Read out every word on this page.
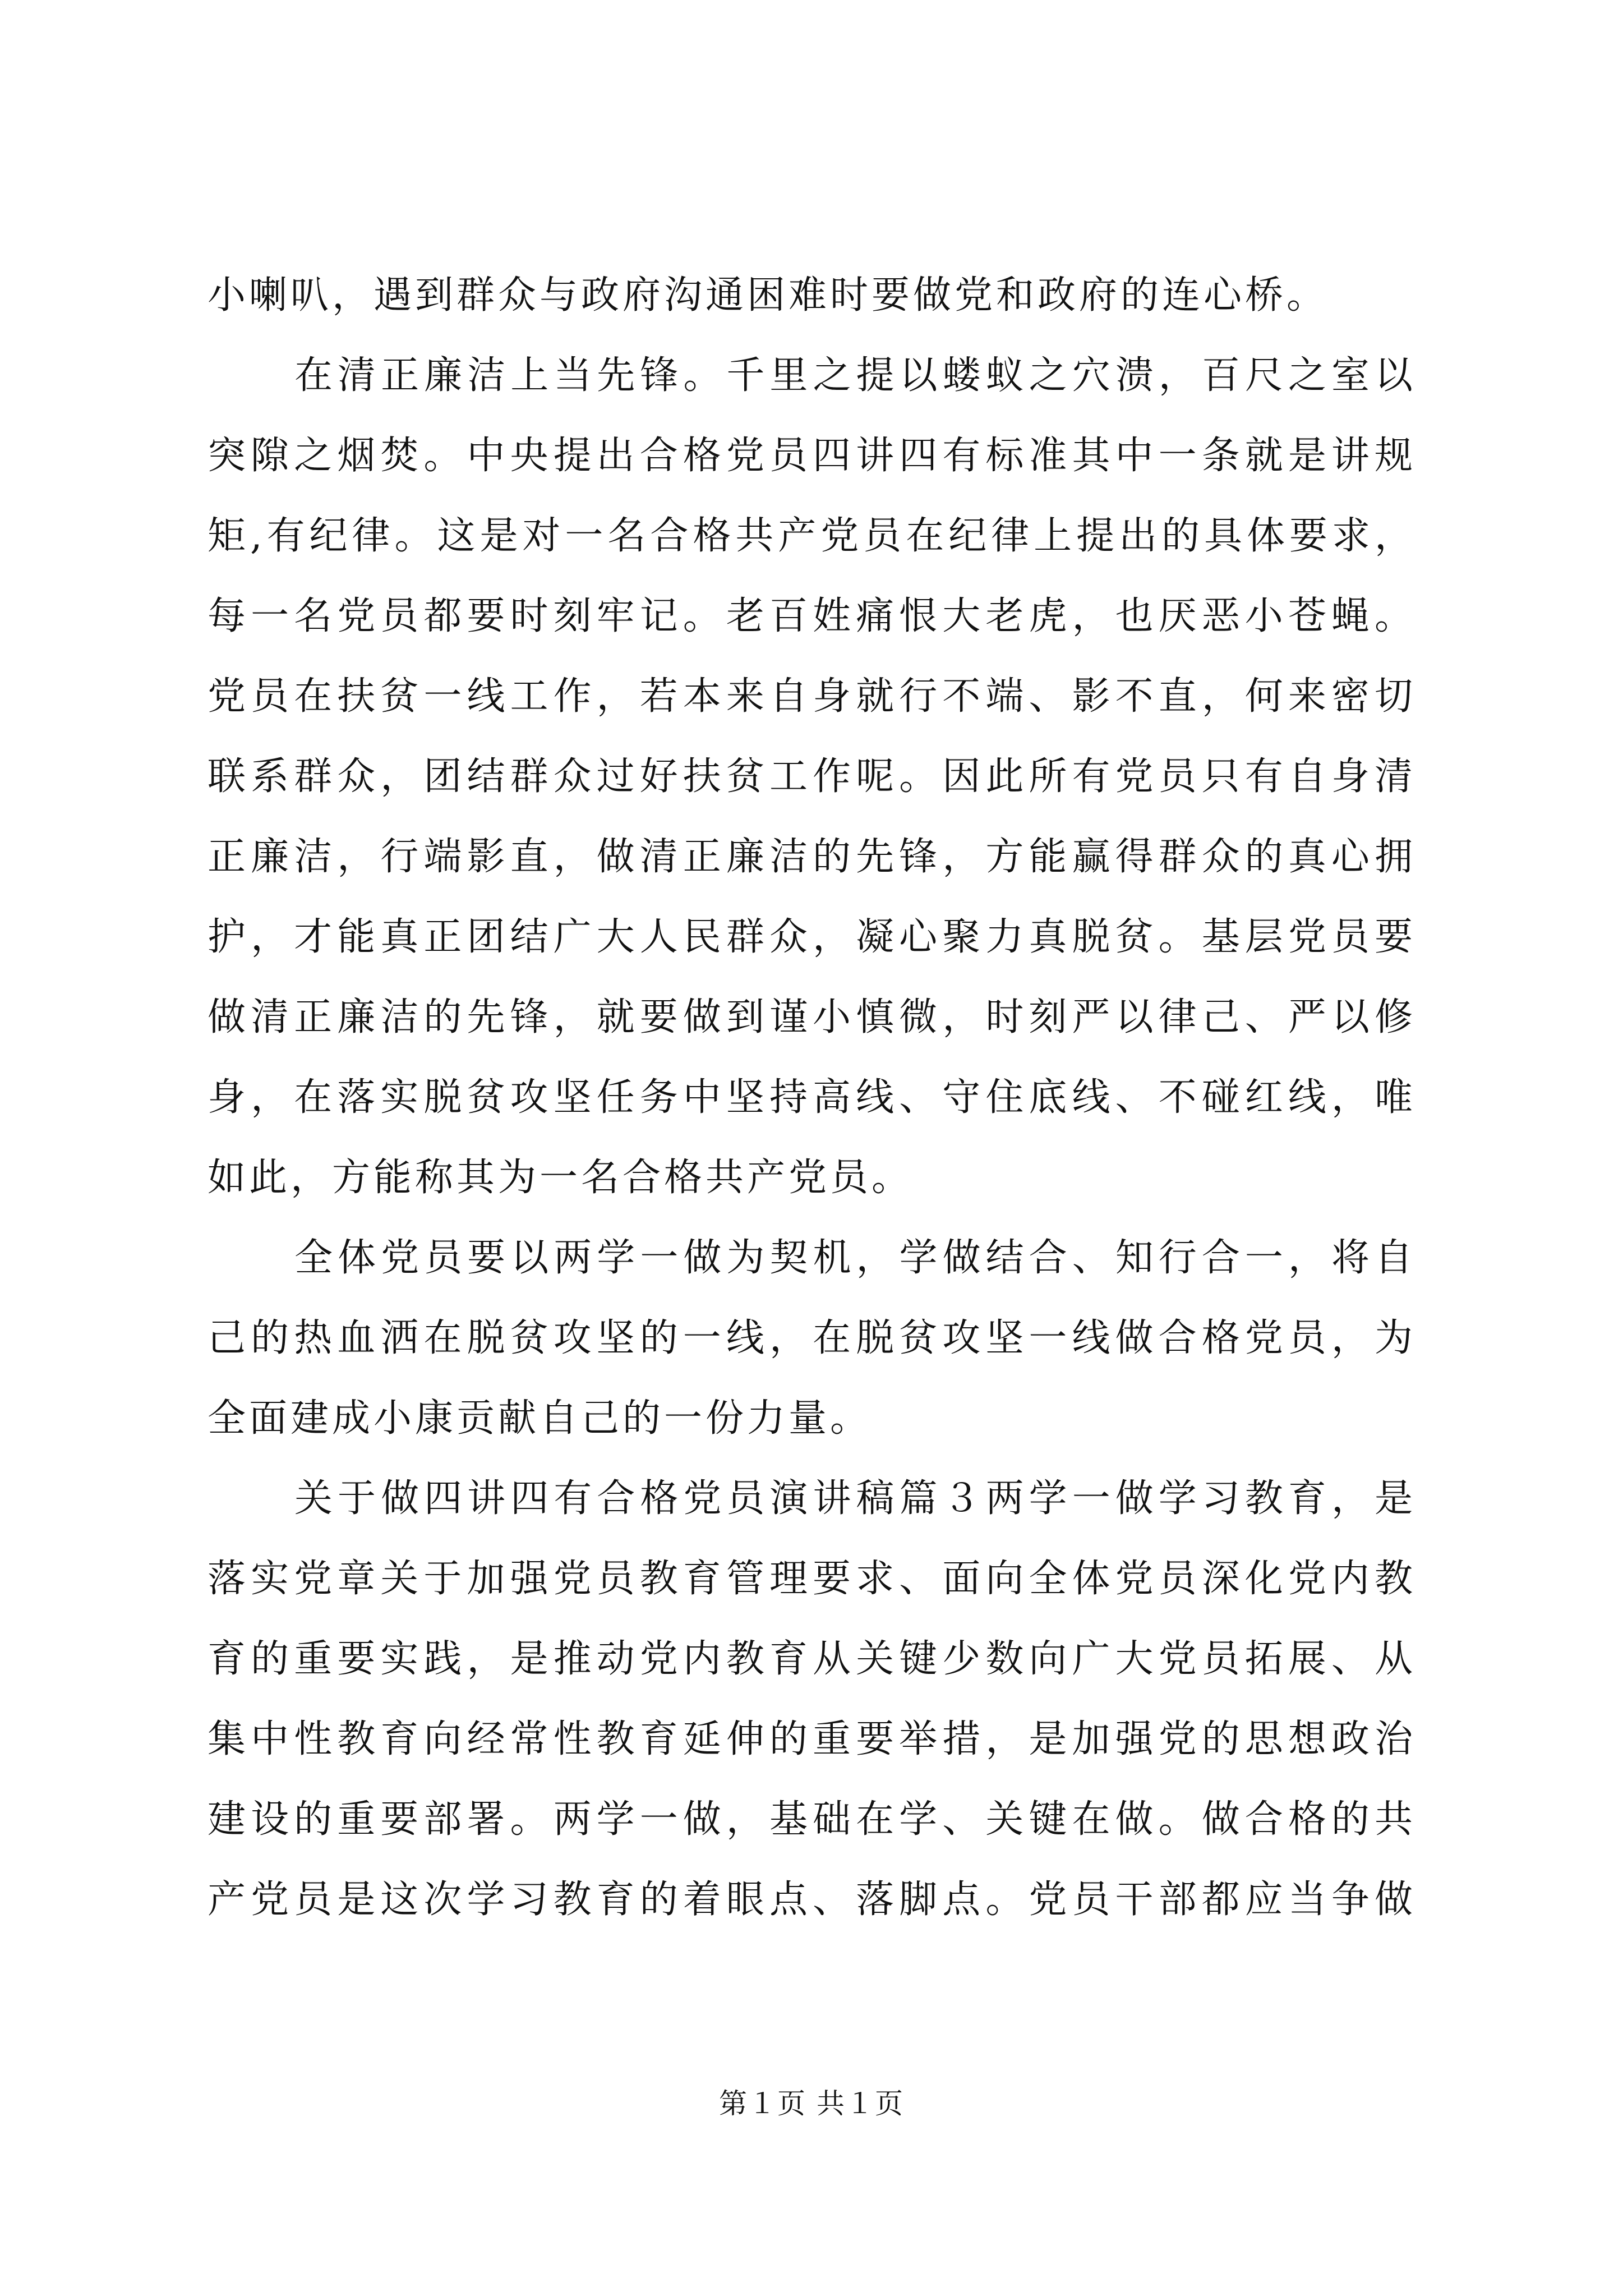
小喇叭，遇到群众与政府沟通困难时要做党和政府的连心桥。
在清正廉洁上当先锋。千里之提以蝼蚁之穴溃，百尺之室以
突隙之烟焚。中央提出合格党员四讲四有标准其中一条就是讲规
矩,有纪律。这是对一名合格共产党员在纪律上提出的具体要求，
每一名党员都要时刻牢记。老百姓痛恨大老虎，也厌恶小苍蝇。
党员在扶贫一线工作，若本来自身就行不端、影不直，何来密切
联系群众，团结群众过好扶贫工作呢。因此所有党员只有自身清
正廉洁，行端影直，做清正廉洁的先锋，方能赢得群众的真心拥
护，才能真正团结广大人民群众，凝心聚力真脱贫。基层党员要
做清正廉洁的先锋，就要做到谨小慎微，时刻严以律己、严以修
身，在落实脱贫攻坚任务中坚持高线、守住底线、不碰红线，唯
如此，方能称其为一名合格共产党员。
全体党员要以两学一做为契机，学做结合、知行合一，将自
己的热血洒在脱贫攻坚的一线，在脱贫攻坚一线做合格党员，为
全面建成小康贡献自己的一份力量。
关于做四讲四有合格党员演讲稿篇３两学一做学习教育，是
落实党章关于加强党员教育管理要求、面向全体党员深化党内教
育的重要实践，是推动党内教育从关键少数向广大党员拓展、从
集中性教育向经常性教育延伸的重要举措，是加强党的思想政治
建设的重要部署。两学一做，基础在学、关键在做。做合格的共
产党员是这次学习教育的着眼点、落脚点。党员干部都应当争做
第１页 共１页
